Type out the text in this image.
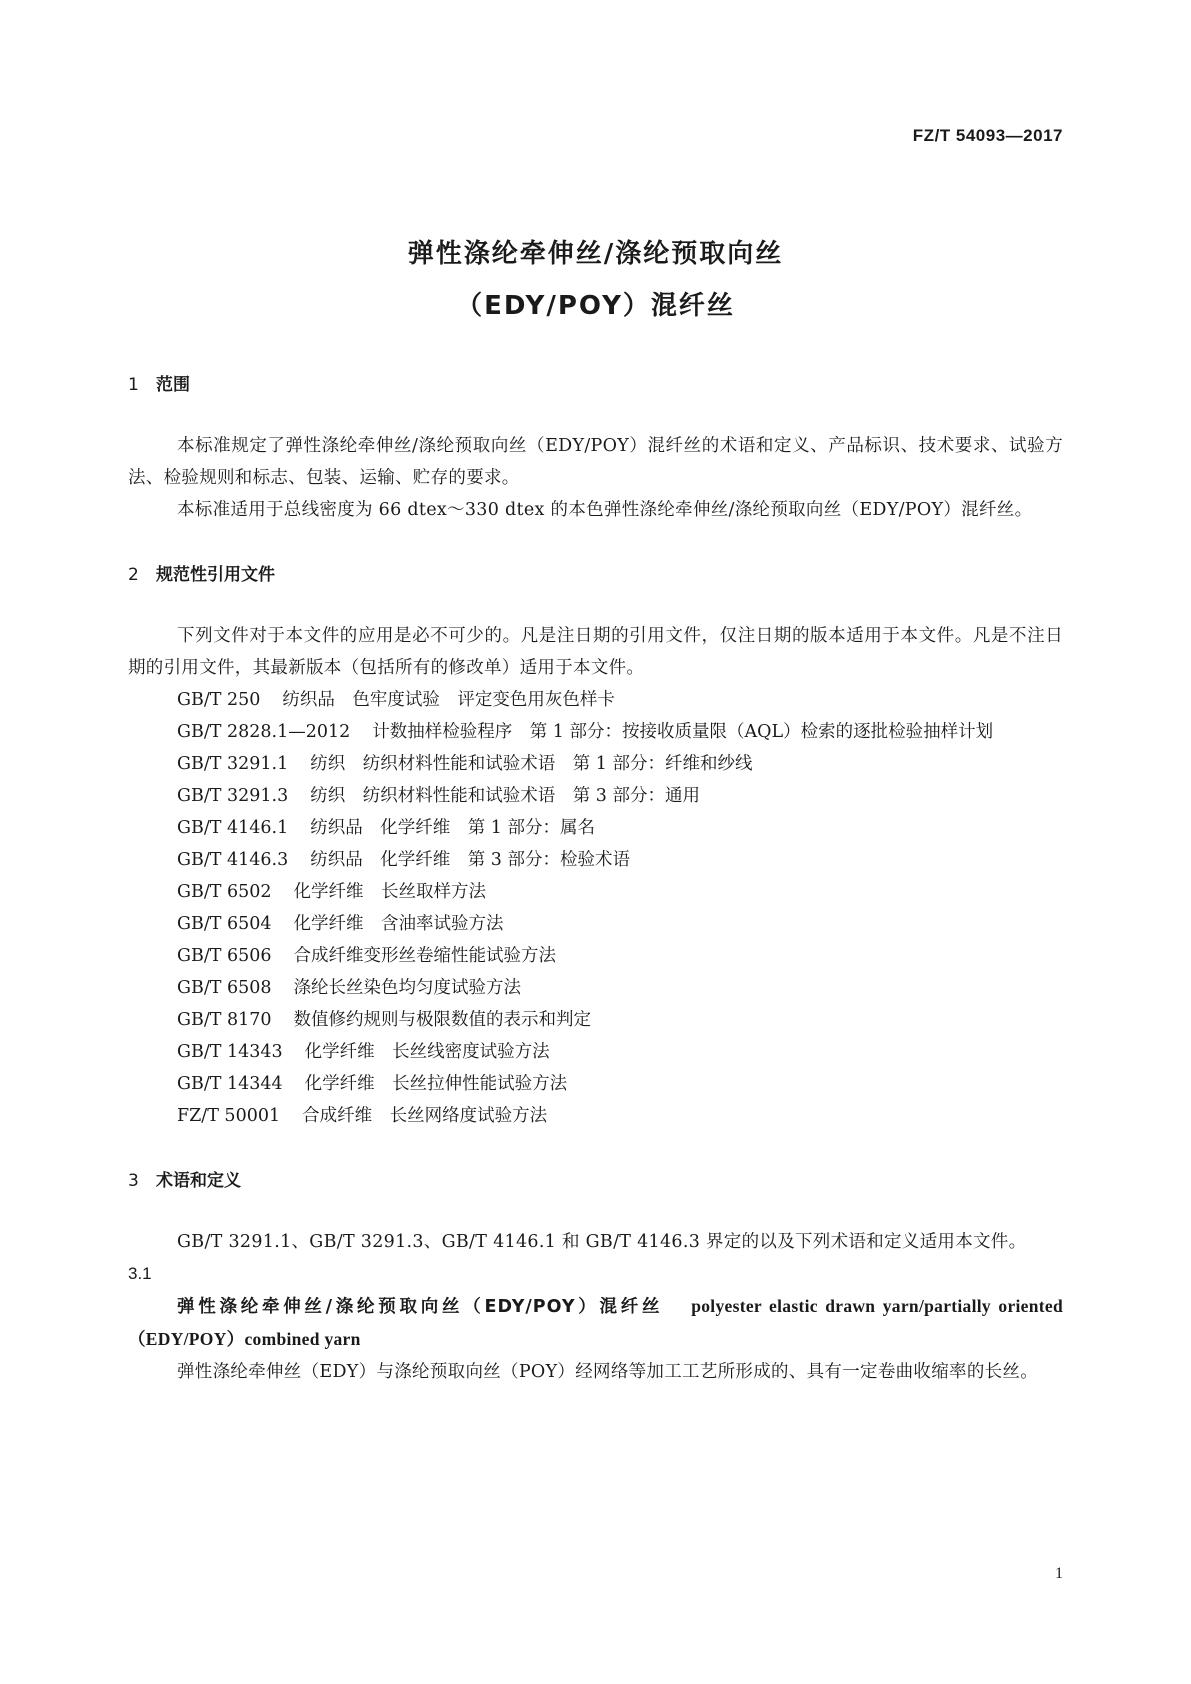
FZ/T 54093—2017
弹性涤纶牵伸丝/涤纶预取向丝
（EDY/POY）混纤丝
1 范围

本标准规定了弹性涤纶牵伸丝/涤纶预取向丝（EDY/POY）混纤丝的术语和定义、产品标识、技术要求、试验方法、检验规则和标志、包装、运输、贮存的要求。

本标准适用于总线密度为 66 dtex～330 dtex 的本色弹性涤纶牵伸丝/涤纶预取向丝（EDY/POY）混纤丝。

2 规范性引用文件

下列文件对于本文件的应用是必不可少的。凡是注日期的引用文件，仅注日期的版本适用于本文件。凡是不注日期的引用文件，其最新版本（包括所有的修改单）适用于本文件。

GB/T 250 纺织品　色牢度试验　评定变色用灰色样卡
GB/T 2828.1—2012 计数抽样检验程序　第 1 部分：按接收质量限（AQL）检索的逐批检验抽样计划
GB/T 3291.1 纺织　纺织材料性能和试验术语　第 1 部分：纤维和纱线
GB/T 3291.3 纺织　纺织材料性能和试验术语　第 3 部分：通用
GB/T 4146.1 纺织品　化学纤维　第 1 部分：属名
GB/T 4146.3 纺织品　化学纤维　第 3 部分：检验术语
GB/T 6502 化学纤维　长丝取样方法
GB/T 6504 化学纤维　含油率试验方法
GB/T 6506 合成纤维变形丝卷缩性能试验方法
GB/T 6508 涤纶长丝染色均匀度试验方法
GB/T 8170 数值修约规则与极限数值的表示和判定
GB/T 14343 化学纤维　长丝线密度试验方法
GB/T 14344 化学纤维　长丝拉伸性能试验方法
FZ/T 50001 合成纤维　长丝网络度试验方法
3 术语和定义

GB/T 3291.1、GB/T 3291.3、GB/T 4146.1 和 GB/T 4146.3 界定的以及下列术语和定义适用本文件。

3.1

弹性涤纶牵伸丝/涤纶预取向丝（EDY/POY）混纤丝 polyester elastic drawn yarn/partially oriented（EDY/POY）combined yarn

弹性涤纶牵伸丝（EDY）与涤纶预取向丝（POY）经网络等加工工艺所形成的、具有一定卷曲收缩率的长丝。

1
